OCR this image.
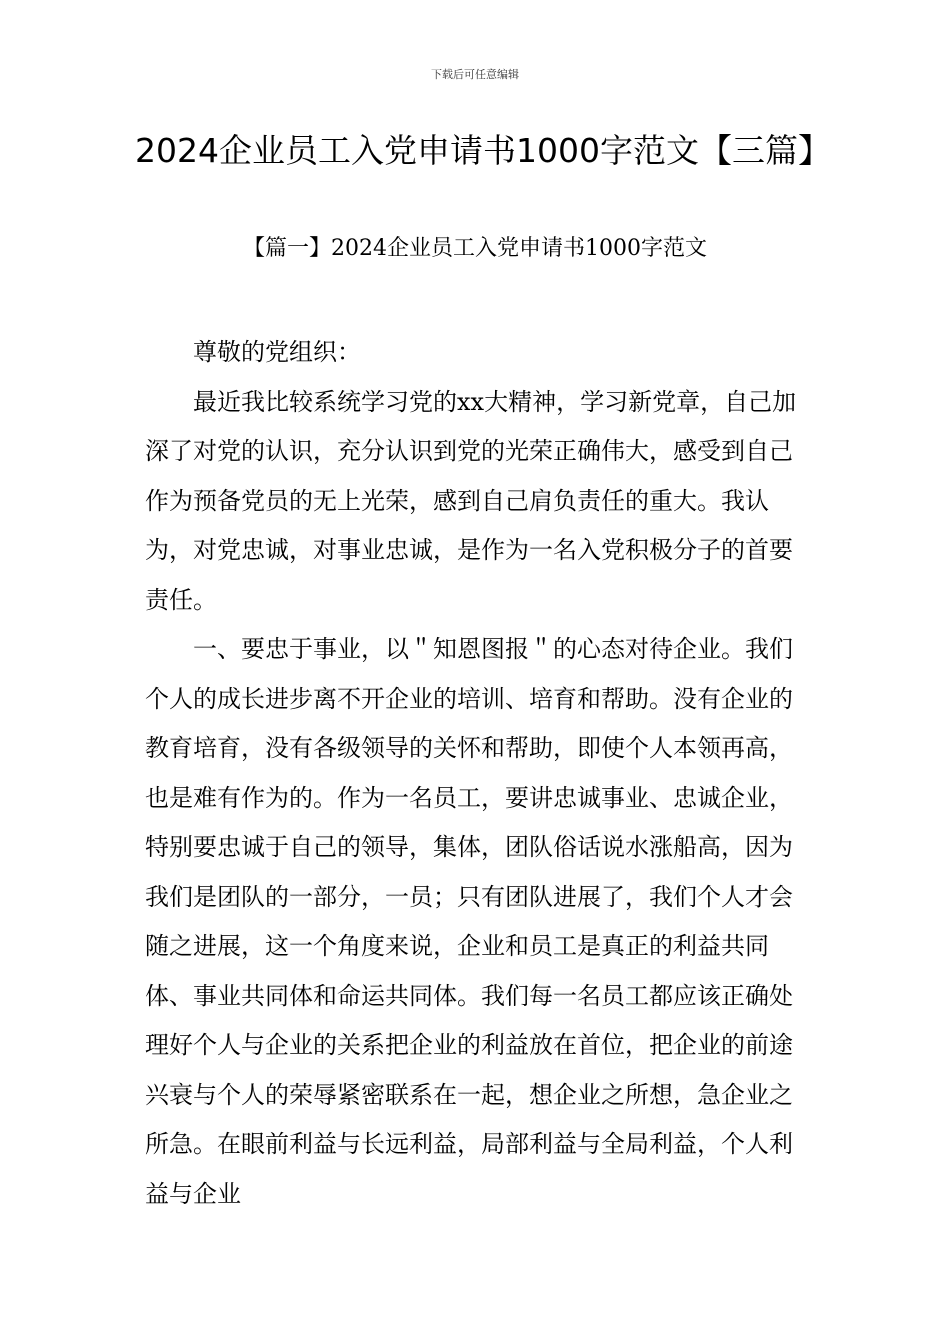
下载后可任意编辑
2024企业员工入党申请书1000字范文【三篇】
【篇一】2024企业员工入党申请书1000字范文

尊敬的党组织：

最近我比较系统学习党的xx大精神，学习新党章，自己加深了对党的认识，充分认识到党的光荣正确伟大，感受到自己作为预备党员的无上光荣，感到自己肩负责任的重大。我认为，对党忠诚，对事业忠诚，是作为一名入党积极分子的首要责任。

一、要忠于事业，以＂知恩图报＂的心态对待企业。我们个人的成长进步离不开企业的培训、培育和帮助。没有企业的教育培育，没有各级领导的关怀和帮助，即使个人本领再高，也是难有作为的。作为一名员工，要讲忠诚事业、忠诚企业，特别要忠诚于自己的领导，集体，团队俗话说水涨船高，因为我们是团队的一部分，一员；只有团队进展了，我们个人才会随之进展，这一个角度来说，企业和员工是真正的利益共同体、事业共同体和命运共同体。我们每一名员工都应该正确处理好个人与企业的关系把企业的利益放在首位，把企业的前途兴衰与个人的荣辱紧密联系在一起，想企业之所想，急企业之所急。在眼前利益与长远利益，局部利益与全局利益，个人利益与企业
